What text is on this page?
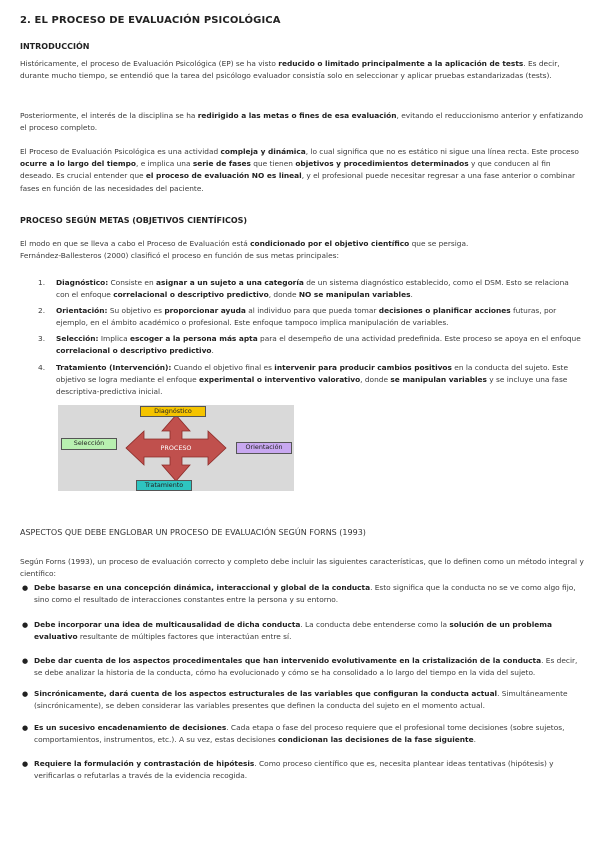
2. EL PROCESO DE EVALUACIÓN PSICOLÓGICA

INTRODUCCIÓN

Históricamente, el proceso de Evaluación Psicológica (EP) se ha visto reducido o limitado principalmente a la aplicación de tests. Es decir, durante mucho tiempo, se entendió que la tarea del psicólogo evaluador consistía solo en seleccionar y aplicar pruebas estandarizadas (tests).

Posteriormente, el interés de la disciplina se ha redirigido a las metas o fines de esa evaluación, evitando el reduccionismo anterior y enfatizando el proceso completo.

El Proceso de Evaluación Psicológica es una actividad compleja y dinámica, lo cual significa que no es estático ni sigue una línea recta. Este proceso ocurre a lo largo del tiempo, e implica una serie de fases que tienen objetivos y procedimientos determinados y que conducen al fin deseado. Es crucial entender que el proceso de evaluación NO es lineal, y el profesional puede necesitar regresar a una fase anterior o combinar fases en función de las necesidades del paciente.

PROCESO SEGÚN METAS (OBJETIVOS CIENTÍFICOS)

El modo en que se lleva a cabo el Proceso de Evaluación está condicionado por el objetivo científico que se persiga.
Fernández-Ballesteros (2000) clasificó el proceso en función de sus metas principales:

1.	Diagnóstico: Consiste en asignar a un sujeto a una categoría de un sistema diagnóstico establecido, como el DSM. Esto se relaciona con el enfoque correlacional o descriptivo predictivo, donde NO se manipulan variables.
2.	Orientación: Su objetivo es proporcionar ayuda al individuo para que pueda tomar decisiones o planificar acciones futuras, por ejemplo, en el ámbito académico o profesional. Este enfoque tampoco implica manipulación de variables.
3.	Selección: Implica escoger a la persona más apta para el desempeño de una actividad predefinida. Este proceso se apoya en el enfoque correlacional o descriptivo predictivo.
4.	Tratamiento (Intervención): Cuando el objetivo final es intervenir para producir cambios positivos en la conducta del sujeto. Este objetivo se logra mediante el enfoque experimental o interventivo valorativo, donde se manipulan variables y se incluye una fase descriptiva-predictiva inicial.
Diagnóstico
Selección	Orientación
Tratamiento
PROCESO

ASPECTOS QUE DEBE ENGLOBAR UN PROCESO DE EVALUACIÓN SEGÚN FORNS (1993)

Según Forns (1993), un proceso de evaluación correcto y completo debe incluir las siguientes características, que lo definen como un método integral y científico:

● Debe basarse en una concepción dinámica, interaccional y global de la conducta. Esto significa que la conducta no se ve como algo fijo, sino como el resultado de interacciones constantes entre la persona y su entorno.
● Debe incorporar una idea de multicausalidad de dicha conducta. La conducta debe entenderse como la solución de un problema evaluativo resultante de múltiples factores que interactúan entre sí.
● Debe dar cuenta de los aspectos procedimentales que han intervenido evolutivamente en la cristalización de la conducta. Es decir, se debe analizar la historia de la conducta, cómo ha evolucionado y cómo se ha consolidado a lo largo del tiempo en la vida del sujeto.
● Sincrónicamente, dará cuenta de los aspectos estructurales de las variables que configuran la conducta actual. Simultáneamente (sincrónicamente), se deben considerar las variables presentes que definen la conducta del sujeto en el momento actual.
● Es un sucesivo encadenamiento de decisiones. Cada etapa o fase del proceso requiere que el profesional tome decisiones (sobre sujetos, comportamientos, instrumentos, etc.). A su vez, estas decisiones condicionan las decisiones de la fase siguiente.
● Requiere la formulación y contrastación de hipótesis. Como proceso científico que es, necesita plantear ideas tentativas (hipótesis) y verificarlas o refutarlas a través de la evidencia recogida.
